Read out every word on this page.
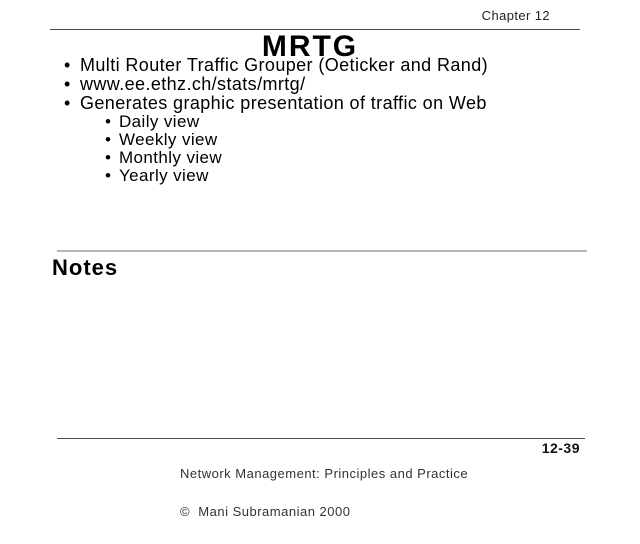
Chapter 12
MRTG
• Multi Router Traffic Grouper (Oeticker and Rand)
• www.ee.ethz.ch/stats/mrtg/
• Generates graphic presentation of traffic on Web
• Daily view
• Weekly view
• Monthly view
• Yearly view
Notes

Network Management: Principles and Practice

©  Mani Subramanian 2000

12-39
